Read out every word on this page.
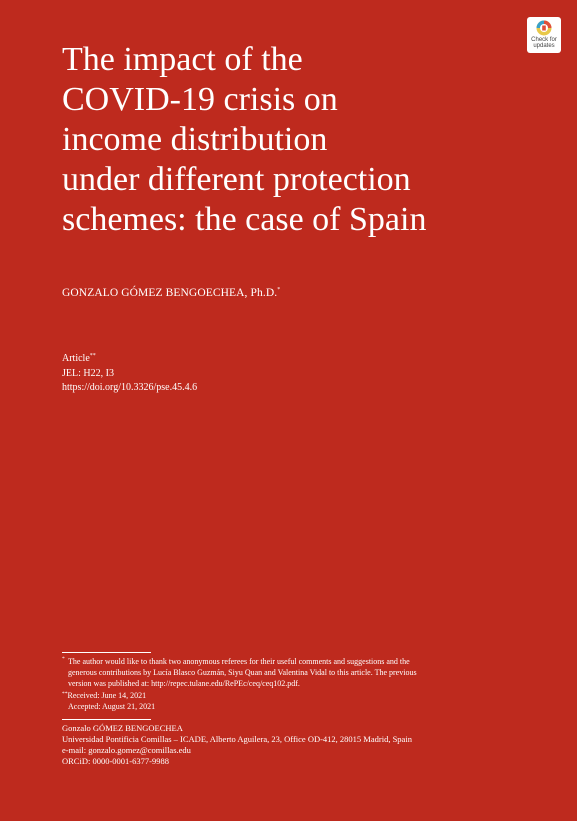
Check for
updates
The impact of the
COVID-19 crisis on
income distribution
under different protection
schemes: the case of Spain
GONZALO GÓMEZ BENGOECHEA, Ph.D.*
Article**
JEL: H22, I3
https://doi.org/10.3326/pse.45.4.6
* The author would like to thank two anonymous referees for their useful comments and suggestions and the
generous contributions by Lucía Blasco Guzmán, Siyu Quan and Valentina Vidal to this article. The previous
version was published at: http://repec.tulane.edu/RePEc/ceq/ceq102.pdf.
**Received: June 14, 2021
Accepted: August 21, 2021
Gonzalo GÓMEZ BENGOECHEA
Universidad Pontificia Comillas – ICADE, Alberto Aguilera, 23, Office OD-412, 28015 Madrid, Spain
e-mail: gonzalo.gomez@comillas.edu
ORCiD: 0000-0001-6377-9988
